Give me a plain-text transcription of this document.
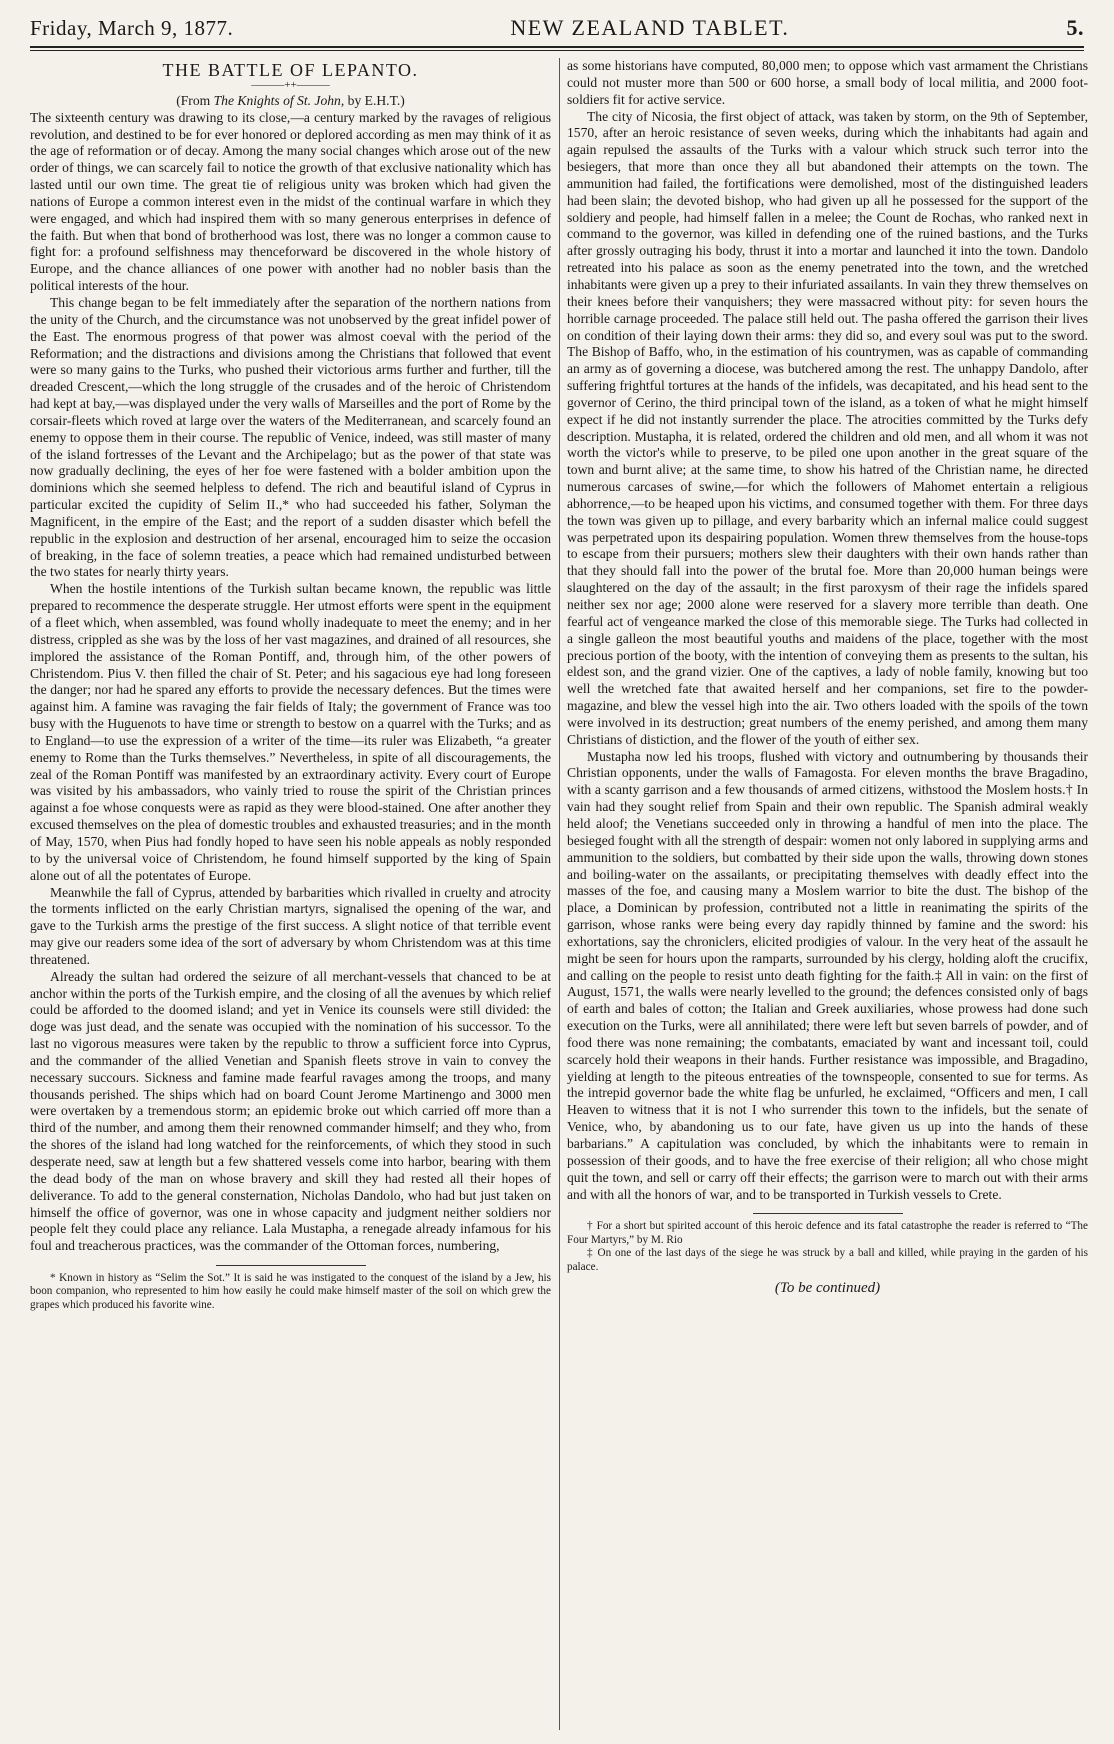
Friday, March 9, 1877.	NEW ZEALAND TABLET.	5.
THE BATTLE OF LEPANTO.
———++———

(From The Knights of St. John, by E.H.T.)

The sixteenth century was drawing to its close,—a century marked by the ravages of religious revolution, and destined to be for ever honored or deplored according as men may think of it as the age of reformation or of decay. Among the many social changes which arose out of the new order of things, we can scarcely fail to notice the growth of that exclusive nationality which has lasted until our own time. The great tie of religious unity was broken which had given the nations of Europe a common interest even in the midst of the continual warfare in which they were engaged, and which had inspired them with so many generous enterprises in defence of the faith. But when that bond of brotherhood was lost, there was no longer a common cause to fight for: a profound selfishness may thenceforward be discovered in the whole history of Europe, and the chance alliances of one power with another had no nobler basis than the political interests of the hour.

This change began to be felt immediately after the separation of the northern nations from the unity of the Church, and the circumstance was not unobserved by the great infidel power of the East. The enormous progress of that power was almost coeval with the period of the Reformation; and the distractions and divisions among the Christians that followed that event were so many gains to the Turks, who pushed their victorious arms further and further, till the dreaded Crescent,—which the long struggle of the crusades and of the heroic of Christendom had kept at bay,—was displayed under the very walls of Marseilles and the port of Rome by the corsair-fleets which roved at large over the waters of the Mediterranean, and scarcely found an enemy to oppose them in their course. The republic of Venice, indeed, was still master of many of the island fortresses of the Levant and the Archipelago; but as the power of that state was now gradually declining, the eyes of her foe were fastened with a bolder ambition upon the dominions which she seemed helpless to defend. The rich and beautiful island of Cyprus in particular excited the cupidity of Selim II.,* who had succeeded his father, Solyman the Magnificent, in the empire of the East; and the report of a sudden disaster which befell the republic in the explosion and destruction of her arsenal, encouraged him to seize the occasion of breaking, in the face of solemn treaties, a peace which had remained undisturbed between the two states for nearly thirty years.

When the hostile intentions of the Turkish sultan became known, the republic was little prepared to recommence the desperate struggle. Her utmost efforts were spent in the equipment of a fleet which, when assembled, was found wholly inadequate to meet the enemy; and in her distress, crippled as she was by the loss of her vast magazines, and drained of all resources, she implored the assistance of the Roman Pontiff, and, through him, of the other powers of Christendom. Pius V. then filled the chair of St. Peter; and his sagacious eye had long foreseen the danger; nor had he spared any efforts to provide the necessary defences. But the times were against him. A famine was ravaging the fair fields of Italy; the government of France was too busy with the Huguenots to have time or strength to bestow on a quarrel with the Turks; and as to England—to use the expression of a writer of the time—its ruler was Elizabeth, “a greater enemy to Rome than the Turks themselves.” Nevertheless, in spite of all discouragements, the zeal of the Roman Pontiff was manifested by an extraordinary activity. Every court of Europe was visited by his ambassadors, who vainly tried to rouse the spirit of the Christian princes against a foe whose conquests were as rapid as they were blood-stained. One after another they excused themselves on the plea of domestic troubles and exhausted treasuries; and in the month of May, 1570, when Pius had fondly hoped to have seen his noble appeals as nobly responded to by the universal voice of Christendom, he found himself supported by the king of Spain alone out of all the potentates of Europe.

Meanwhile the fall of Cyprus, attended by barbarities which rivalled in cruelty and atrocity the torments inflicted on the early Christian martyrs, signalised the opening of the war, and gave to the Turkish arms the prestige of the first success. A slight notice of that terrible event may give our readers some idea of the sort of adversary by whom Christendom was at this time threatened.

Already the sultan had ordered the seizure of all merchant-vessels that chanced to be at anchor within the ports of the Turkish empire, and the closing of all the avenues by which relief could be afforded to the doomed island; and yet in Venice its counsels were still divided: the doge was just dead, and the senate was occupied with the nomination of his successor. To the last no vigorous measures were taken by the republic to throw a sufficient force into Cyprus, and the commander of the allied Venetian and Spanish fleets strove in vain to convey the necessary succours. Sickness and famine made fearful ravages among the troops, and many thousands perished. The ships which had on board Count Jerome Martinengo and 3000 men were overtaken by a tremendous storm; an epidemic broke out which carried off more than a third of the number, and among them their renowned commander himself; and they who, from the shores of the island had long watched for the reinforcements, of which they stood in such desperate need, saw at length but a few shattered vessels come into harbor, bearing with them the dead body of the man on whose bravery and skill they had rested all their hopes of deliverance. To add to the general consternation, Nicholas Dandolo, who had but just taken on himself the office of governor, was one in whose capacity and judgment neither soldiers nor people felt they could place any reliance. Lala Mustapha, a renegade already infamous for his foul and treacherous practices, was the commander of the Ottoman forces, numbering,

* Known in history as “Selim the Sot.” It is said he was instigated to the conquest of the island by a Jew, his boon companion, who represented to him how easily he could make himself master of the soil on which grew the grapes which produced his favorite wine.

as some historians have computed, 80,000 men; to oppose which vast armament the Christians could not muster more than 500 or 600 horse, a small body of local militia, and 2000 foot-soldiers fit for active service.

The city of Nicosia, the first object of attack, was taken by storm, on the 9th of September, 1570, after an heroic resistance of seven weeks, during which the inhabitants had again and again repulsed the assaults of the Turks with a valour which struck such terror into the besiegers, that more than once they all but abandoned their attempts on the town. The ammunition had failed, the fortifications were demolished, most of the distinguished leaders had been slain; the devoted bishop, who had given up all he possessed for the support of the soldiery and people, had himself fallen in a melee; the Count de Rochas, who ranked next in command to the governor, was killed in defending one of the ruined bastions, and the Turks after grossly outraging his body, thrust it into a mortar and launched it into the town. Dandolo retreated into his palace as soon as the enemy penetrated into the town, and the wretched inhabitants were given up a prey to their infuriated assailants. In vain they threw themselves on their knees before their vanquishers; they were massacred without pity: for seven hours the horrible carnage proceeded. The palace still held out. The pasha offered the garrison their lives on condition of their laying down their arms: they did so, and every soul was put to the sword. The Bishop of Baffo, who, in the estimation of his countrymen, was as capable of commanding an army as of governing a diocese, was butchered among the rest. The unhappy Dandolo, after suffering frightful tortures at the hands of the infidels, was decapitated, and his head sent to the governor of Cerino, the third principal town of the island, as a token of what he might himself expect if he did not instantly surrender the place. The atrocities committed by the Turks defy description. Mustapha, it is related, ordered the children and old men, and all whom it was not worth the victor's while to preserve, to be piled one upon another in the great square of the town and burnt alive; at the same time, to show his hatred of the Christian name, he directed numerous carcases of swine,—for which the followers of Mahomet entertain a religious abhorrence,—to be heaped upon his victims, and consumed together with them. For three days the town was given up to pillage, and every barbarity which an infernal malice could suggest was perpetrated upon its despairing population. Women threw themselves from the house-tops to escape from their pursuers; mothers slew their daughters with their own hands rather than that they should fall into the power of the brutal foe. More than 20,000 human beings were slaughtered on the day of the assault; in the first paroxysm of their rage the infidels spared neither sex nor age; 2000 alone were reserved for a slavery more terrible than death. One fearful act of vengeance marked the close of this memorable siege. The Turks had collected in a single galleon the most beautiful youths and maidens of the place, together with the most precious portion of the booty, with the intention of conveying them as presents to the sultan, his eldest son, and the grand vizier. One of the captives, a lady of noble family, knowing but too well the wretched fate that awaited herself and her companions, set fire to the powder-magazine, and blew the vessel high into the air. Two others loaded with the spoils of the town were involved in its destruction; great numbers of the enemy perished, and among them many Christians of distiction, and the flower of the youth of either sex.

Mustapha now led his troops, flushed with victory and outnumbering by thousands their Christian opponents, under the walls of Famagosta. For eleven months the brave Bragadino, with a scanty garrison and a few thousands of armed citizens, withstood the Moslem hosts.† In vain had they sought relief from Spain and their own republic. The Spanish admiral weakly held aloof; the Venetians succeeded only in throwing a handful of men into the place. The besieged fought with all the strength of despair: women not only labored in supplying arms and ammunition to the soldiers, but combatted by their side upon the walls, throwing down stones and boiling-water on the assailants, or precipitating themselves with deadly effect into the masses of the foe, and causing many a Moslem warrior to bite the dust. The bishop of the place, a Dominican by profession, contributed not a little in reanimating the spirits of the garrison, whose ranks were being every day rapidly thinned by famine and the sword: his exhortations, say the chroniclers, elicited prodigies of valour. In the very heat of the assault he might be seen for hours upon the ramparts, surrounded by his clergy, holding aloft the crucifix, and calling on the people to resist unto death fighting for the faith.‡ All in vain: on the first of August, 1571, the walls were nearly levelled to the ground; the defences consisted only of bags of earth and bales of cotton; the Italian and Greek auxiliaries, whose prowess had done such execution on the Turks, were all annihilated; there were left but seven barrels of powder, and of food there was none remaining; the combatants, emaciated by want and incessant toil, could scarcely hold their weapons in their hands. Further resistance was impossible, and Bragadino, yielding at length to the piteous entreaties of the townspeople, consented to sue for terms. As the intrepid governor bade the white flag be unfurled, he exclaimed, “Officers and men, I call Heaven to witness that it is not I who surrender this town to the infidels, but the senate of Venice, who, by abandoning us to our fate, have given us up into the hands of these barbarians.” A capitulation was concluded, by which the inhabitants were to remain in possession of their goods, and to have the free exercise of their religion; all who chose might quit the town, and sell or carry off their effects; the garrison were to march out with their arms and with all the honors of war, and to be transported in Turkish vessels to Crete.

† For a short but spirited account of this heroic defence and its fatal catastrophe the reader is referred to “The Four Martyrs,” by M. Rio

‡ On one of the last days of the siege he was struck by a ball and killed, while praying in the garden of his palace.

(To be continued)
